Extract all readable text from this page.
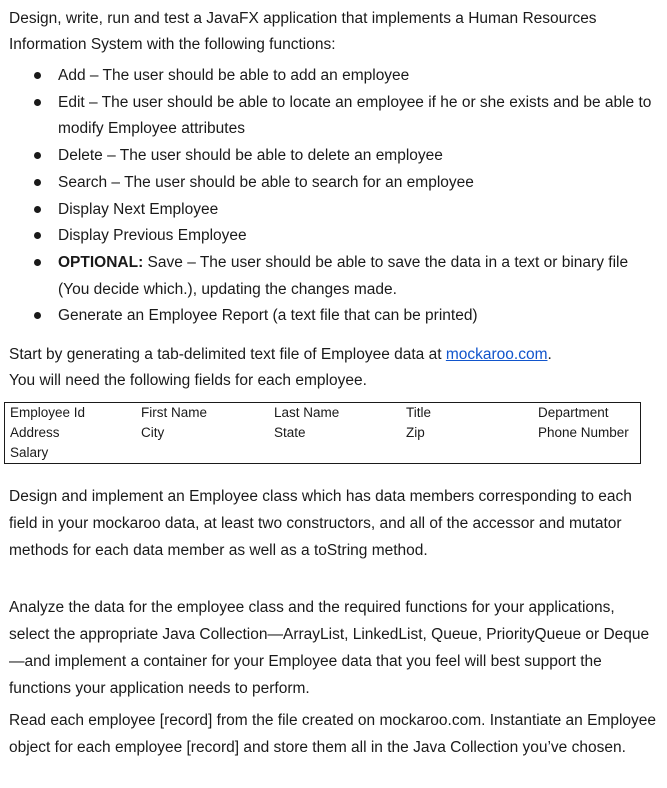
Design, write, run and test a JavaFX application that implements a Human Resources Information System with the following functions:

Add – The user should be able to add an employee
Edit – The user should be able to locate an employee if he or she exists and be able to modify Employee attributes
Delete – The user should be able to delete an employee
Search – The user should be able to search for an employee
Display Next Employee
Display Previous Employee
OPTIONAL: Save – The user should be able to save the data in a text or binary file (You decide which.), updating the changes made.
Generate an Employee Report (a text file that can be printed)

Start by generating a tab-delimited text file of Employee data at mockaroo.com.
You will need the following fields for each employee.

Employee Id	First Name	Last Name	Title	Department
Address	City	State	Zip	Phone Number
Salary				

Design and implement an Employee class which has data members corresponding to each field in your mockaroo data, at least two constructors, and all of the accessor and mutator methods for each data member as well as a toString method.

Analyze the data for the employee class and the required functions for your applications, select the appropriate Java Collection—ArrayList, LinkedList, Queue, PriorityQueue or Deque—and implement a container for your Employee data that you feel will best support the functions your application needs to perform.

Read each employee [record] from the file created on mockaroo.com. Instantiate an Employee object for each employee [record] and store them all in the Java Collection you’ve chosen.
